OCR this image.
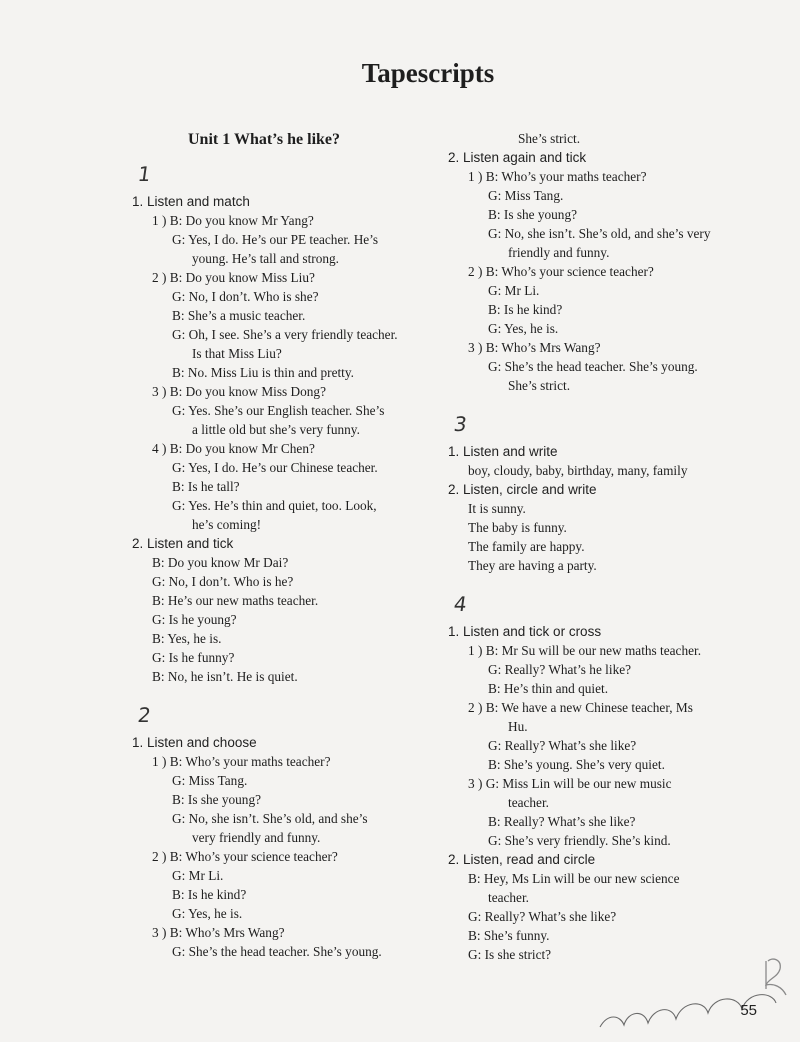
Tapescripts
Unit 1 What’s he like?
1
1. Listen and match
1 ) B: Do you know Mr Yang?
G: Yes, I do. He’s our PE teacher. He’s
young. He’s tall and strong.
2 ) B: Do you know Miss Liu?
G: No, I don’t. Who is she?
B: She’s a music teacher.
G: Oh, I see. She’s a very friendly teacher.
Is that Miss Liu?
B: No. Miss Liu is thin and pretty.
3 ) B: Do you know Miss Dong?
G: Yes. She’s our English teacher. She’s
a little old but she’s very funny.
4 ) B: Do you know Mr Chen?
G: Yes, I do. He’s our Chinese teacher.
B: Is he tall?
G: Yes. He’s thin and quiet, too. Look,
he’s coming!
2. Listen and tick
B: Do you know Mr Dai?
G: No, I don’t. Who is he?
B: He’s our new maths teacher.
G: Is he young?
B: Yes, he is.
G: Is he funny?
B: No, he isn’t. He is quiet.
2
1. Listen and choose
1 ) B: Who’s your maths teacher?
G: Miss Tang.
B: Is she young?
G: No, she isn’t. She’s old, and she’s
very friendly and funny.
2 ) B: Who’s your science teacher?
G: Mr Li.
B: Is he kind?
G: Yes, he is.
3 ) B: Who’s Mrs Wang?
G: She’s the head teacher. She’s young.
She’s strict.
2. Listen again and tick
1 ) B: Who’s your maths teacher?
G: Miss Tang.
B: Is she young?
G: No, she isn’t. She’s old, and she’s very
friendly and funny.
2 ) B: Who’s your science teacher?
G: Mr Li.
B: Is he kind?
G: Yes, he is.
3 ) B: Who’s Mrs Wang?
G: She’s the head teacher. She’s young.
She’s strict.
3
1. Listen and write
boy, cloudy, baby, birthday, many, family
2. Listen, circle and write
It is sunny.
The baby is funny.
The family are happy.
They are having a party.
4
1. Listen and tick or cross
1 ) B: Mr Su will be our new maths teacher.
G: Really? What’s he like?
B: He’s thin and quiet.
2 ) B: We have a new Chinese teacher, Ms
Hu.
G: Really? What’s she like?
B: She’s young. She’s very quiet.
3 ) G: Miss Lin will be our new music
teacher.
B: Really? What’s she like?
G: She’s very friendly. She’s kind.
2. Listen, read and circle
B: Hey, Ms Lin will be our new science
teacher.
G: Really? What’s she like?
B: She’s funny.
G: Is she strict?
55
